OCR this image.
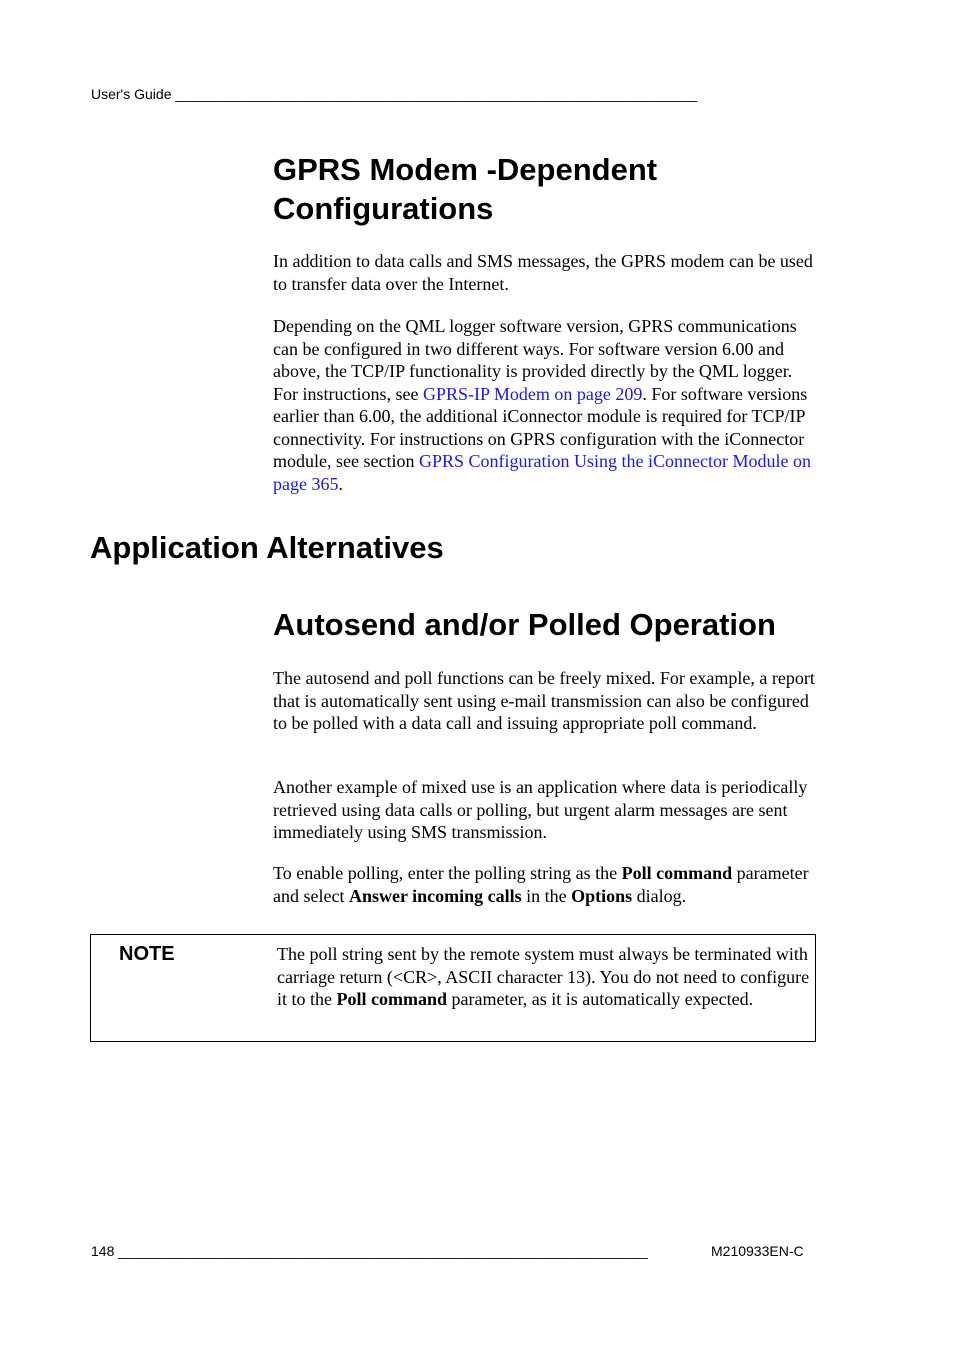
User's Guide ___________________________________________________________________
GPRS Modem -Dependent Configurations

In addition to data calls and SMS messages, the GPRS modem can be used to transfer data over the Internet.

Depending on the QML logger software version, GPRS communications can be configured in two different ways. For software version 6.00 and above, the TCP/IP functionality is provided directly by the QML logger. For instructions, see GPRS-IP Modem on page 209. For software versions earlier than 6.00, the additional iConnector module is required for TCP/IP connectivity. For instructions on GPRS configuration with the iConnector module, see section GPRS Configuration Using the iConnector Module on page 365.

Application Alternatives
Autosend and/or Polled Operation

The autosend and poll functions can be freely mixed. For example, a report that is automatically sent using e-mail transmission can also be configured to be polled with a data call and issuing appropriate poll command.

Another example of mixed use is an application where data is periodically retrieved using data calls or polling, but urgent alarm messages are sent immediately using SMS transmission.

To enable polling, enter the polling string as the Poll command parameter and select Answer incoming calls in the Options dialog.

NOTE	The poll string sent by the remote system must always be terminated with carriage return (<CR>, ASCII character 13). You do not need to configure it to the Poll command parameter, as it is automatically expected.

148 ____________________________________________________________________	M210933EN-C
